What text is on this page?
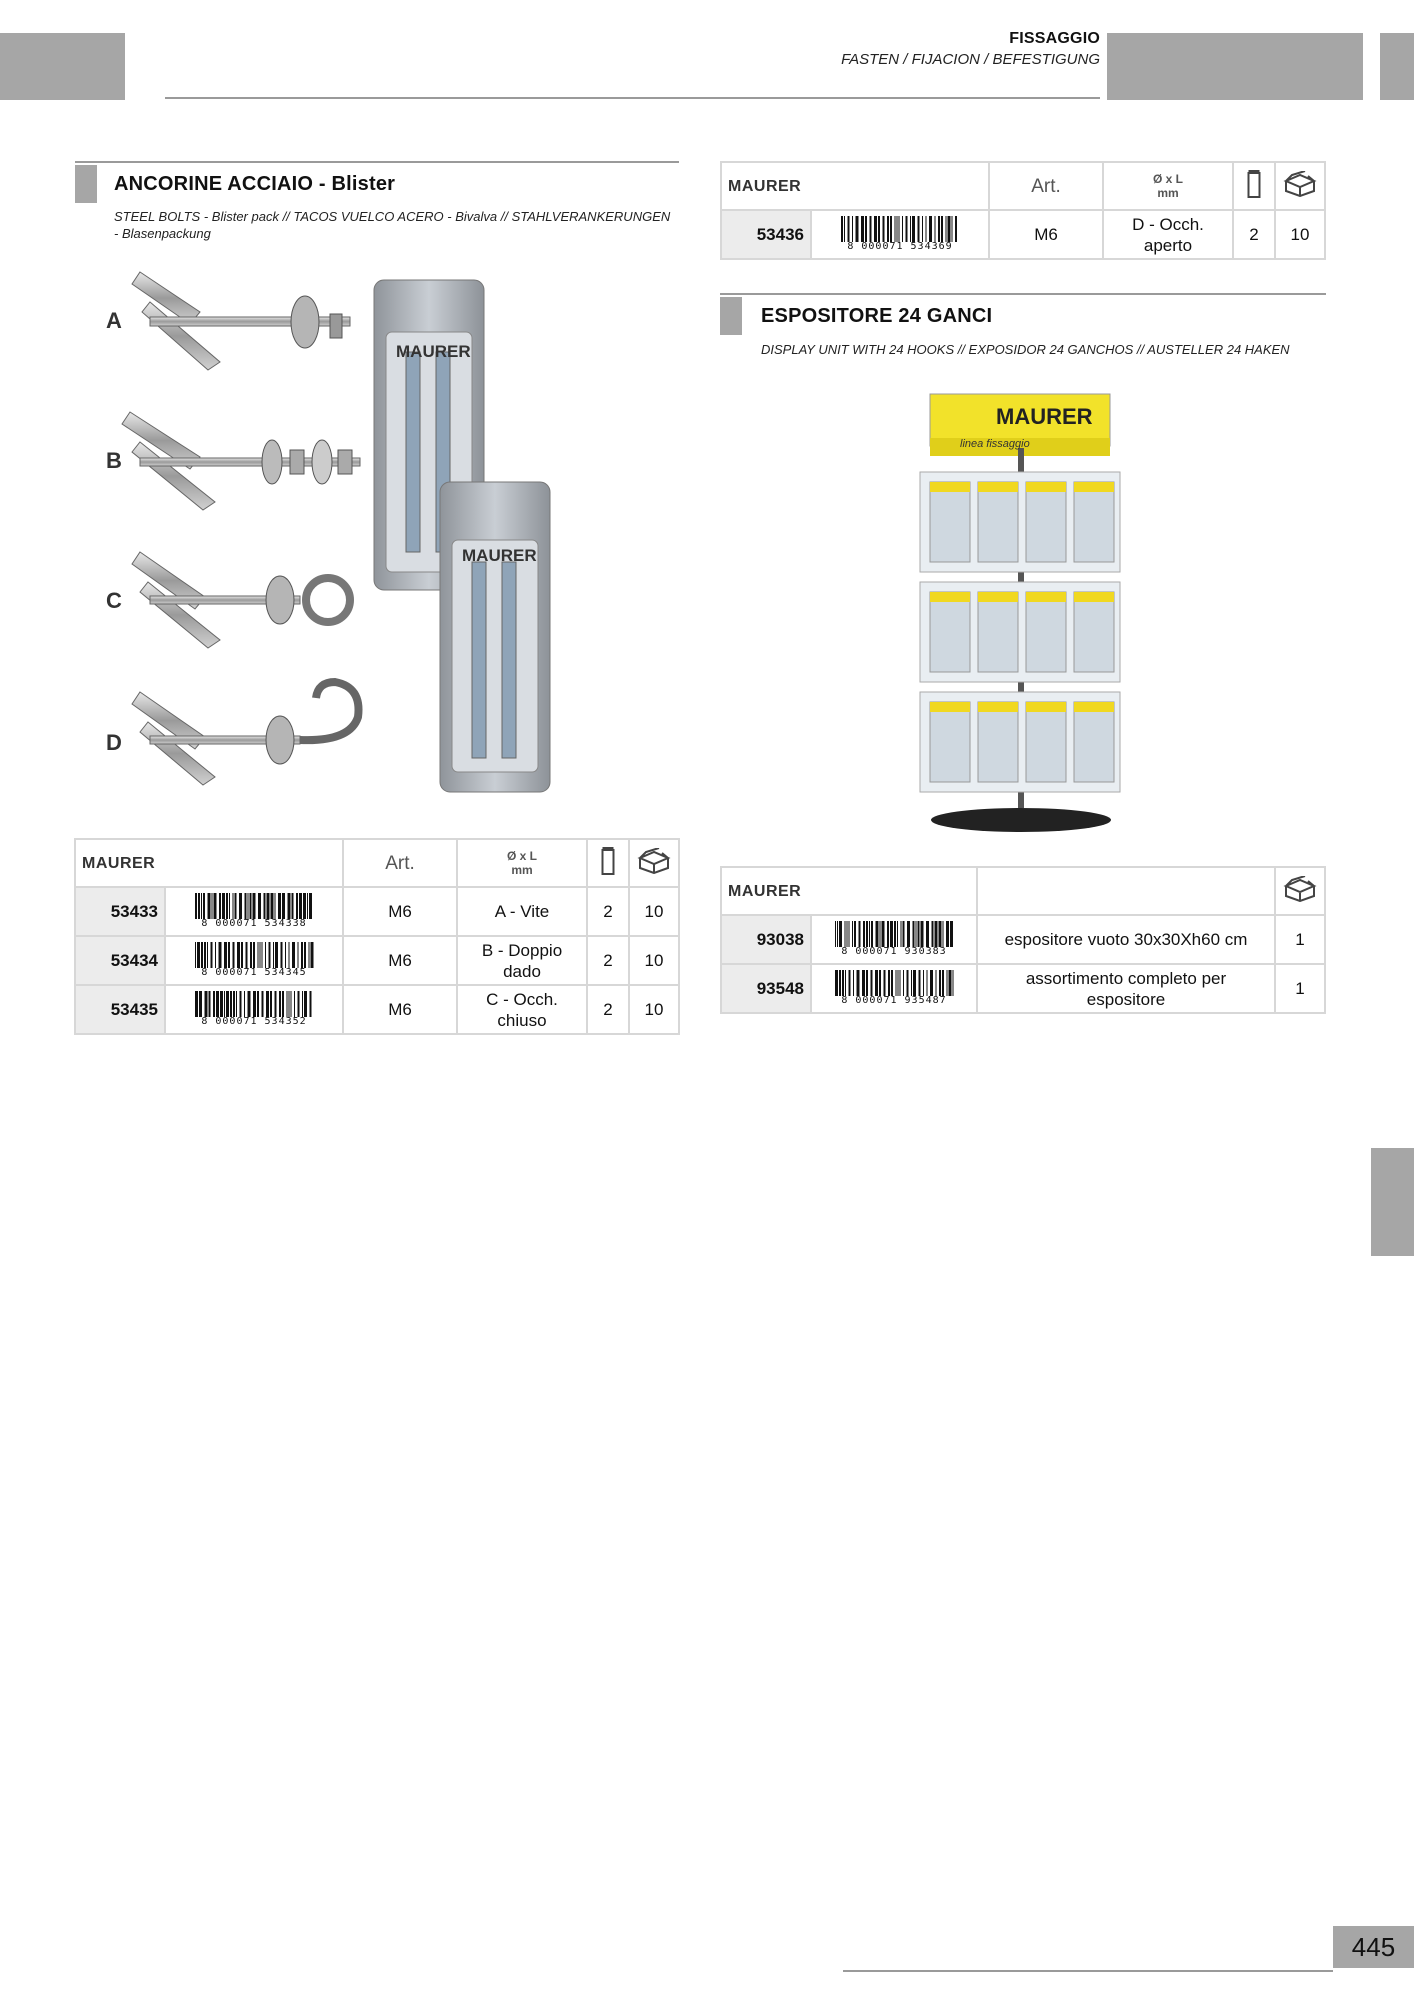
FISSAGGIO
FASTEN / FIJACION / BEFESTIGUNG
ANCORINE ACCIAIO - Blister
STEEL BOLTS - Blister pack // TACOS VUELCO ACERO - Bivalva // STAHLVERANKERUNGEN
- Blasenpackung
MAURER
MAURER
A
B
C
D
MAURER		Art.	Ø x L
mm

53433	8 000071 534338	M6	A - Vite	2	10
53434	8 000071 534345	M6	B - Doppio
dado	2	10
53435	8 000071 534352	M6	C - Occh.
chiuso	2	10
MAURER		Art.	Ø x L
mm

53436	8 000071 534369	M6	D - Occh.
aperto	2	10
ESPOSITORE 24 GANCI
DISPLAY UNIT WITH 24 HOOKS // EXPOSIDOR 24 GANCHOS // AUSTELLER 24 HAKEN
MAURER
linea fissaggio
MAURER		
93038	8 000071 930383	espositore vuoto 30x30Xh60 cm	1
93548	8 000071 935487	assortimento completo per
espositore	1
445
